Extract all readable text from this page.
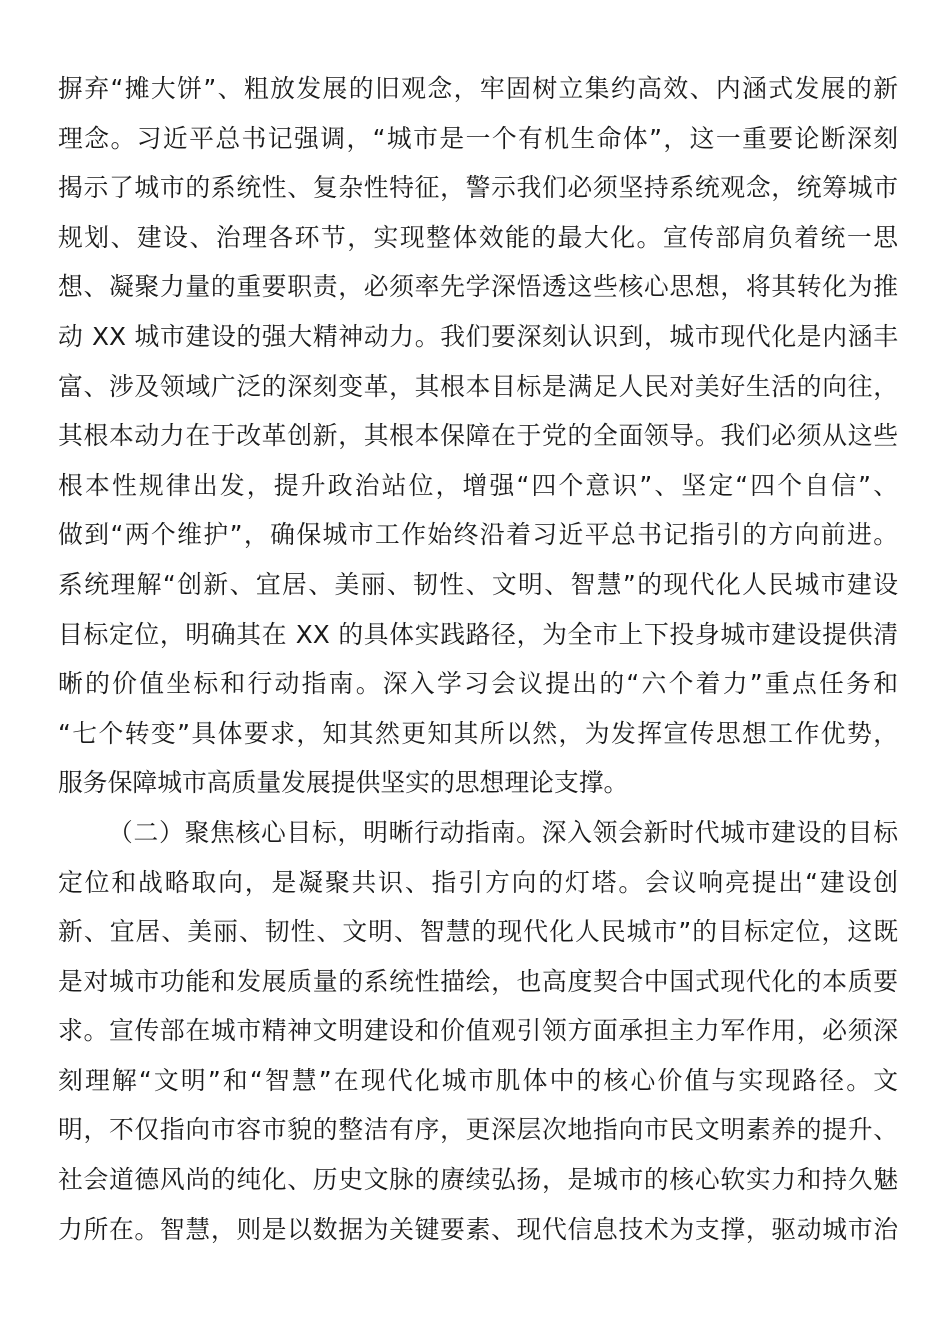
摒弃“摊大饼”、粗放发展的旧观念，牢固树立集约高效、内涵式发展的新
理念。习近平总书记强调，“城市是一个有机生命体”，这一重要论断深刻
揭示了城市的系统性、复杂性特征，警示我们必须坚持系统观念，统筹城市
规划、建设、治理各环节，实现整体效能的最大化。宣传部肩负着统一思
想、凝聚力量的重要职责，必须率先学深悟透这些核心思想，将其转化为推
动 XX 城市建设的强大精神动力。我们要深刻认识到，城市现代化是内涵丰
富、涉及领域广泛的深刻变革，其根本目标是满足人民对美好生活的向往，
其根本动力在于改革创新，其根本保障在于党的全面领导。我们必须从这些
根本性规律出发，提升政治站位，增强“四个意识”、坚定“四个自信”、
做到“两个维护”，确保城市工作始终沿着习近平总书记指引的方向前进。
系统理解“创新、宜居、美丽、韧性、文明、智慧”的现代化人民城市建设
目标定位，明确其在 XX 的具体实践路径，为全市上下投身城市建设提供清
晰的价值坐标和行动指南。深入学习会议提出的“六个着力”重点任务和
“七个转变”具体要求，知其然更知其所以然，为发挥宣传思想工作优势，
服务保障城市高质量发展提供坚实的思想理论支撑。
（二）聚焦核心目标，明晰行动指南。深入领会新时代城市建设的目标
定位和战略取向，是凝聚共识、指引方向的灯塔。会议响亮提出“建设创
新、宜居、美丽、韧性、文明、智慧的现代化人民城市”的目标定位，这既
是对城市功能和发展质量的系统性描绘，也高度契合中国式现代化的本质要
求。宣传部在城市精神文明建设和价值观引领方面承担主力军作用，必须深
刻理解“文明”和“智慧”在现代化城市肌体中的核心价值与实现路径。文
明，不仅指向市容市貌的整洁有序，更深层次地指向市民文明素养的提升、
社会道德风尚的纯化、历史文脉的赓续弘扬，是城市的核心软实力和持久魅
力所在。智慧，则是以数据为关键要素、现代信息技术为支撑，驱动城市治
